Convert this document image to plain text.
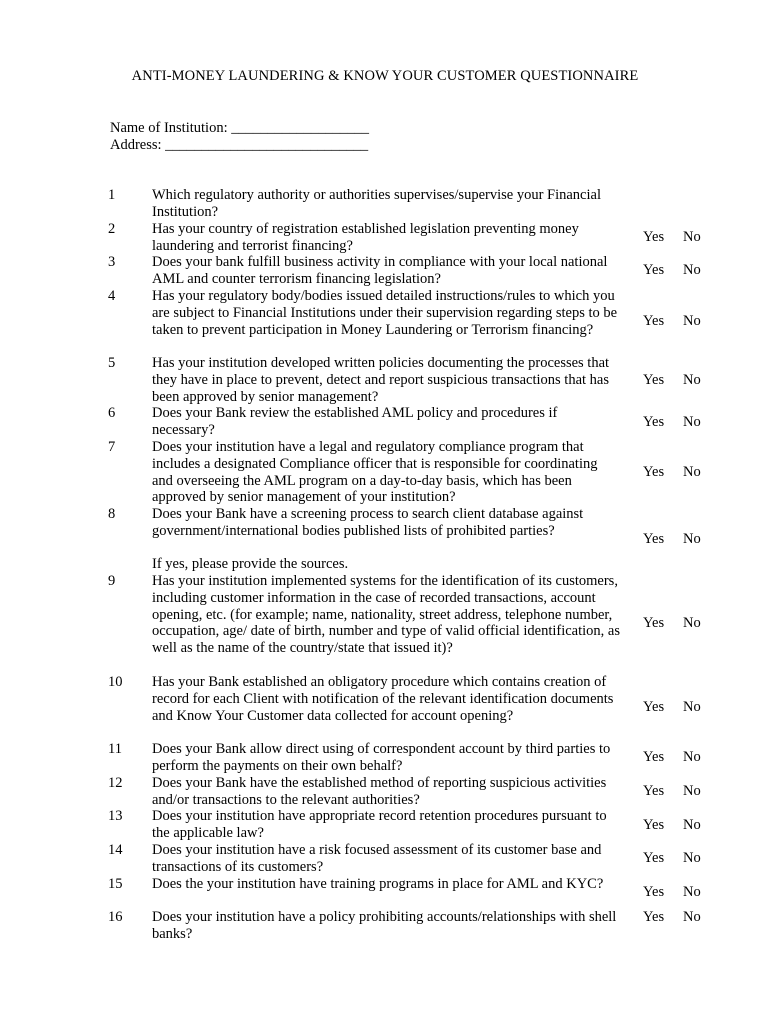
ANTI-MONEY LAUNDERING & KNOW YOUR CUSTOMER QUESTIONNAIRE
Name of Institution: ___________________
Address: ____________________________
1	Which regulatory authority or authorities supervises/supervise your Financial Institution?
2	Has your country of registration established legislation preventing money laundering and terrorist financing?
Yes No
3	Does your bank fulfill business activity in compliance with your local national AML and counter terrorism financing legislation?
Yes No
4	Has your regulatory body/bodies issued detailed instructions/rules to which you are subject to Financial Institutions under their supervision regarding steps to be taken to prevent participation in Money Laundering or Terrorism financing?
Yes No
5	Has your institution developed written policies documenting the processes that they have in place to prevent, detect and report suspicious transactions that has been approved by senior management?
Yes No
6	Does your Bank review the established AML policy and procedures if necessary?	Yes No
7	Does your institution have a legal and regulatory compliance program that includes a designated Compliance officer that is responsible for coordinating and overseeing the AML program on a day-to-day basis, which has been approved by senior management of your institution?
Yes No
8	Does your Bank have a screening process to search client database against government/international bodies published lists of prohibited parties?
Yes No
If yes, please provide the sources.
9	Has your institution implemented systems for the identification of its customers, including customer information in the case of recorded transactions, account opening, etc. (for example; name, nationality, street address, telephone number, occupation, age/ date of birth, number and type of valid official identification, as well as the name of the country/state that issued it)?
Yes No
10	Has your Bank established an obligatory procedure which contains creation of record for each Client with notification of the relevant identification documents and Know Your Customer data collected for account opening?
Yes No
11	Does your Bank allow direct using of correspondent account by third parties to perform the payments on their own behalf?
Yes No
12	Does your Bank have the established method of reporting suspicious activities and/or transactions to the relevant authorities?
Yes No
13	Does your institution have appropriate record retention procedures pursuant to the applicable law?	Yes No
14	Does your institution have a risk focused assessment of its customer base and transactions of its customers?
Yes No
15	Does the your institution have training programs in place for AML and KYC?	Yes No
16	Does your institution have a policy prohibiting accounts/relationships with shell banks?
Yes No
